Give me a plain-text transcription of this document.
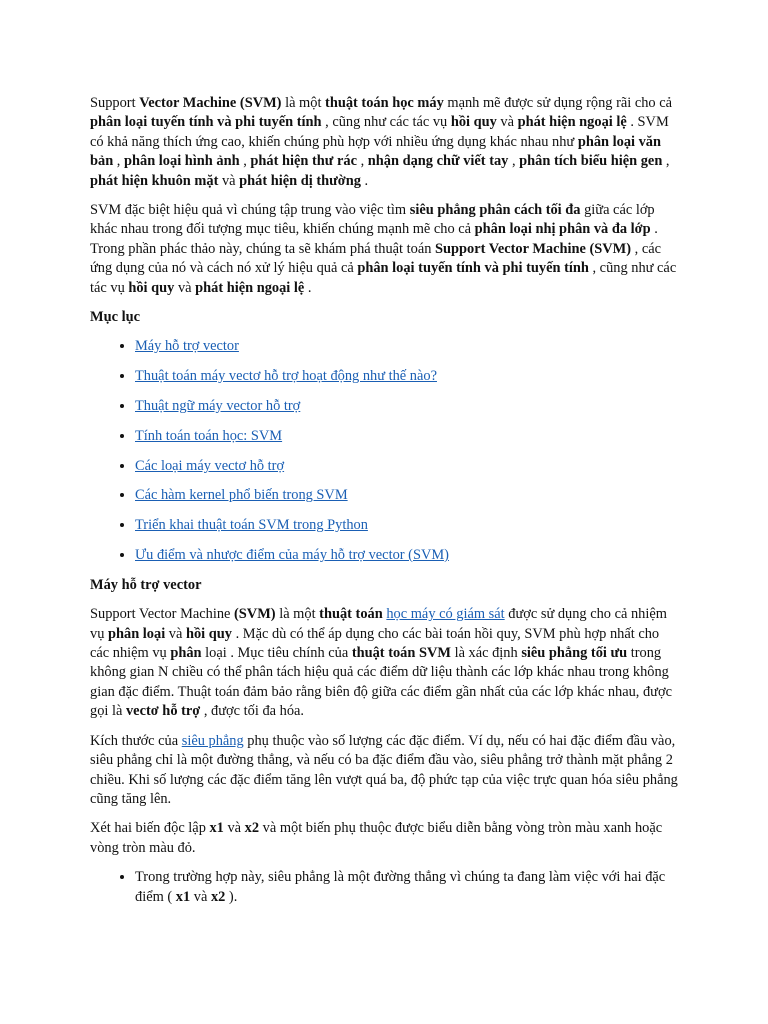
Support Vector Machine (SVM) là một thuật toán học máy mạnh mẽ được sử dụng rộng rãi cho cả phân loại tuyến tính và phi tuyến tính , cũng như các tác vụ hồi quy và phát hiện ngoại lệ . SVM có khả năng thích ứng cao, khiến chúng phù hợp với nhiều ứng dụng khác nhau như phân loại văn bản , phân loại hình ảnh , phát hiện thư rác , nhận dạng chữ viết tay , phân tích biểu hiện gen , phát hiện khuôn mặt và phát hiện dị thường .

SVM đặc biệt hiệu quả vì chúng tập trung vào việc tìm siêu phẳng phân cách tối đa giữa các lớp khác nhau trong đối tượng mục tiêu, khiến chúng mạnh mẽ cho cả phân loại nhị phân và đa lớp . Trong phần phác thảo này, chúng ta sẽ khám phá thuật toán Support Vector Machine (SVM) , các ứng dụng của nó và cách nó xử lý hiệu quả cả phân loại tuyến tính và phi tuyến tính , cũng như các tác vụ hồi quy và phát hiện ngoại lệ .

Mục lục
• Máy hỗ trợ vector
• Thuật toán máy vectơ hỗ trợ hoạt động như thế nào?
• Thuật ngữ máy vector hỗ trợ
• Tính toán toán học: SVM
• Các loại máy vectơ hỗ trợ
• Các hàm kernel phổ biến trong SVM
• Triển khai thuật toán SVM trong Python
• Ưu điểm và nhược điểm của máy hỗ trợ vector (SVM)
Máy hỗ trợ vector

Support Vector Machine (SVM) là một thuật toán học máy có giám sát được sử dụng cho cả nhiệm vụ phân loại và hồi quy . Mặc dù có thể áp dụng cho các bài toán hồi quy, SVM phù hợp nhất cho các nhiệm vụ phân loại . Mục tiêu chính của thuật toán SVM là xác định siêu phẳng tối ưu trong không gian N chiều có thể phân tách hiệu quả các điểm dữ liệu thành các lớp khác nhau trong không gian đặc điểm. Thuật toán đảm bảo rằng biên độ giữa các điểm gần nhất của các lớp khác nhau, được gọi là vectơ hỗ trợ , được tối đa hóa.

Kích thước của siêu phẳng phụ thuộc vào số lượng các đặc điểm. Ví dụ, nếu có hai đặc điểm đầu vào, siêu phẳng chỉ là một đường thẳng, và nếu có ba đặc điểm đầu vào, siêu phẳng trở thành mặt phẳng 2 chiều. Khi số lượng các đặc điểm tăng lên vượt quá ba, độ phức tạp của việc trực quan hóa siêu phẳng cũng tăng lên.

Xét hai biến độc lập x1 và x2 và một biến phụ thuộc được biểu diễn bằng vòng tròn màu xanh hoặc vòng tròn màu đỏ.

• Trong trường hợp này, siêu phẳng là một đường thẳng vì chúng ta đang làm việc với hai đặc điểm ( x1 và x2 ).
